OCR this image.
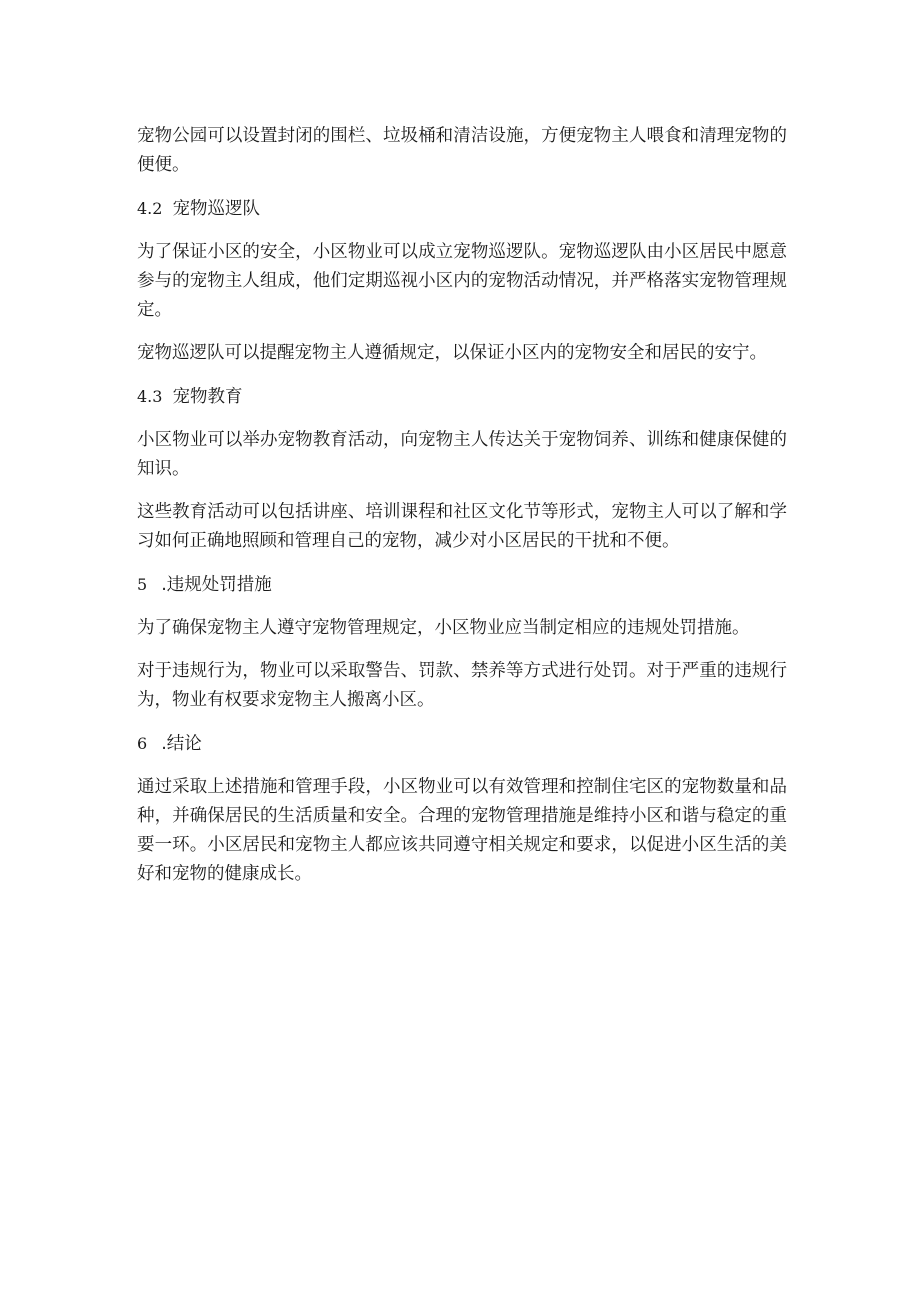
宠物公园可以设置封闭的围栏、垃圾桶和清洁设施，方便宠物主人喂食和清理宠物的便便。

4.2 宠物巡逻队

为了保证小区的安全，小区物业可以成立宠物巡逻队。宠物巡逻队由小区居民中愿意参与的宠物主人组成，他们定期巡视小区内的宠物活动情况，并严格落实宠物管理规定。

宠物巡逻队可以提醒宠物主人遵循规定，以保证小区内的宠物安全和居民的安宁。

4.3 宠物教育

小区物业可以举办宠物教育活动，向宠物主人传达关于宠物饲养、训练和健康保健的知识。

这些教育活动可以包括讲座、培训课程和社区文化节等形式，宠物主人可以了解和学习如何正确地照顾和管理自己的宠物，减少对小区居民的干扰和不便。

5 .违规处罚措施

为了确保宠物主人遵守宠物管理规定，小区物业应当制定相应的违规处罚措施。

对于违规行为，物业可以采取警告、罚款、禁养等方式进行处罚。对于严重的违规行为，物业有权要求宠物主人搬离小区。

6 .结论

通过采取上述措施和管理手段，小区物业可以有效管理和控制住宅区的宠物数量和品种，并确保居民的生活质量和安全。合理的宠物管理措施是维持小区和谐与稳定的重要一环。小区居民和宠物主人都应该共同遵守相关规定和要求，以促进小区生活的美好和宠物的健康成长。
